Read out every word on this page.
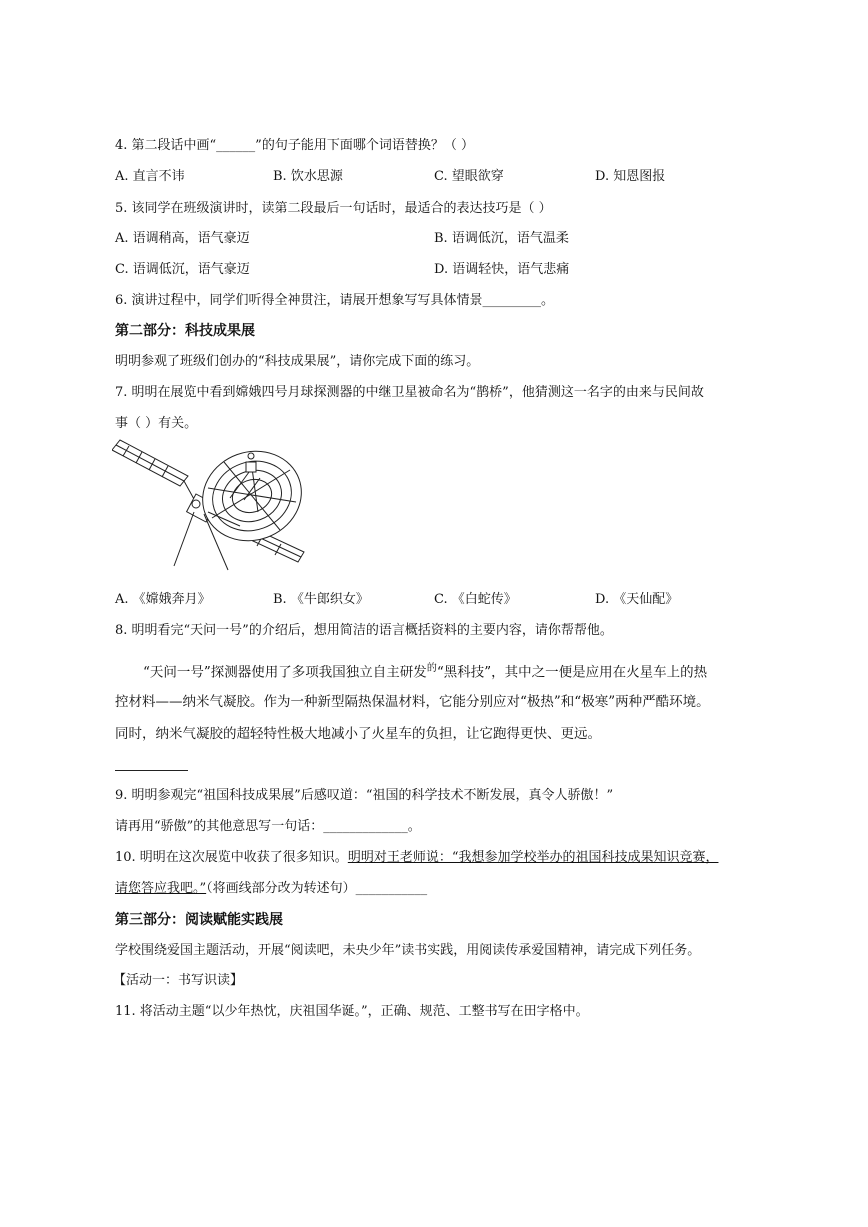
4. 第二段话中画“______”的句子能用下面哪个词语替换？（ ）
A. 直言不讳	B. 饮水思源	C. 望眼欲穿	D. 知恩图报
5. 该同学在班级演讲时，读第二段最后一句话时，最适合的表达技巧是（ ）
A. 语调稍高，语气豪迈	B. 语调低沉，语气温柔
C. 语调低沉，语气豪迈	D. 语调轻快，语气悲痛
6. 演讲过程中，同学们听得全神贯注，请展开想象写写具体情景_________。
第二部分：科技成果展
明明参观了班级们创办的“科技成果展”，请你完成下面的练习。
7. 明明在展览中看到嫦娥四号月球探测器的中继卫星被命名为“鹊桥”，他猜测这一名字的由来与民间故
事（ ）有关。
A. 《嫦娥奔月》	B. 《牛郎织女》	C. 《白蛇传》	D. 《天仙配》
8. 明明看完“天问一号”的介绍后，想用简洁的语言概括资料的主要内容，请你帮帮他。
“天问一号”探测器使用了多项我国独立自主研发$^的$“黑科技”，其中之一便是应用在火星车上的热
控材料——纳米气凝胶。作为一种新型隔热保温材料，它能分别应对“极热”和“极寒”两种严酷环境。
同时，纳米气凝胶的超轻特性极大地减小了火星车的负担，让它跑得更快、更远。
9. 明明参观完“祖国科技成果展”后感叹道：“祖国的科学技术不断发展，真令人骄傲！”
请再用“骄傲”的其他意思写一句话：_____________。
10. 明明在这次展览中收获了很多知识。明明对王老师说：“我想参加学校举办的祖国科技成果知识竞赛，
请您答应我吧。”（将画线部分改为转述句）___________
第三部分：阅读赋能实践展
学校围绕爱国主题活动，开展“阅读吧，未央少年”读书实践，用阅读传承爱国精神，请完成下列任务。
【活动一：书写识读】
11. 将活动主题“以少年热忱，庆祖国华诞。”，正确、规范、工整书写在田字格中。
